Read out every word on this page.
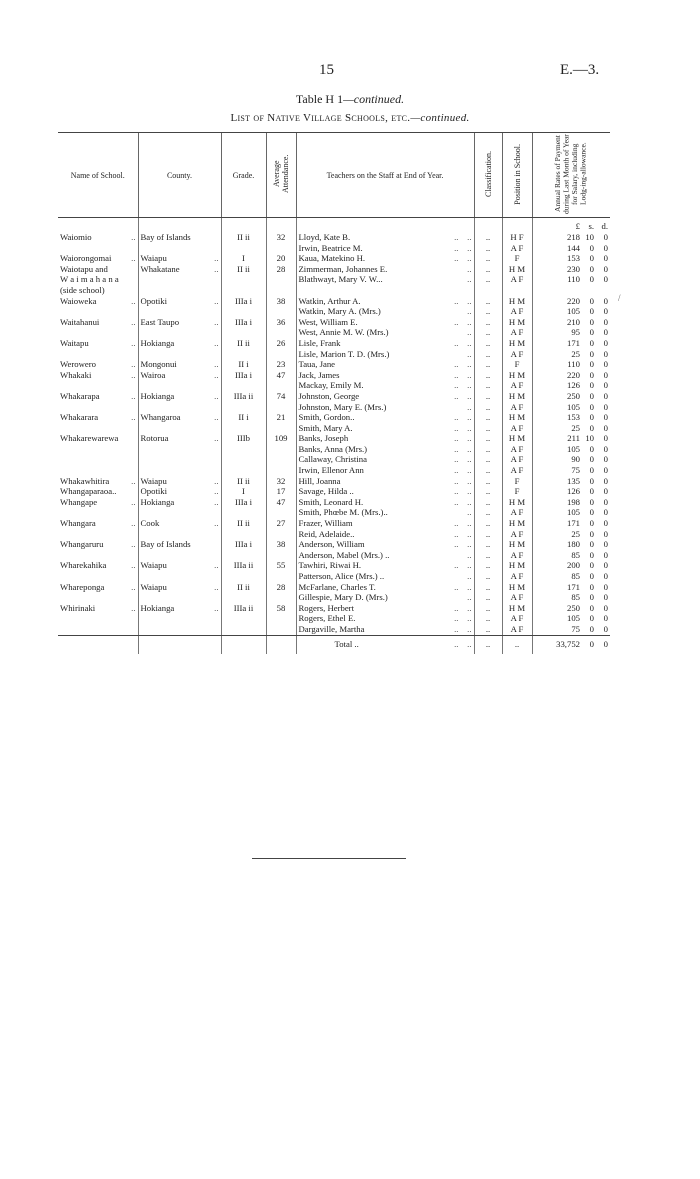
15	E.—3.
Table H 1—continued.
List of Native Village Schools, etc.—continued.
Name of School.	County.	Grade.	Average Attendance.	Teachers on the Staff at End of Year.	Classification.	Position in School.	Annual Rates of Payment during Last Month of Year for Salary, including Lodg-ing-allowance.
							£ s. d.
Waiomio ..	Bay of Islands	II ii	32	Lloyd, Kate B. ..    ..	..	H F	218 10 0
				Irwin, Beatrice M. ..    ..	..	A F	144 0 0
Waiorongomai ..	Waiapu ..	I	20	Kaua, Matekino H. ..    ..	..	F	153 0 0
Waiotapu and	Whakatane ..	II ii	28	Zimmerman, Johannes E. ..	..	H M	230 0 0
W a i m a h a n a				Blathwayt, Mary V. W... ..	..	A F	110 0 0
(side school)							
Waioweka ..	Opotiki ..	IIIa i	38	Watkin, Arthur A. ..    ..	..	H M	220 0 0
				Watkin, Mary A. (Mrs.) ..	..	A F	105 0 0
Waitahanui ..	East Taupo ..	IIIa i	36	West, William E. ..    ..	..	H M	210 0 0
				West, Annie M. W. (Mrs.) ..	..	A F	95 0 0
Waitapu ..	Hokianga ..	II ii	26	Lisle, Frank ..    ..	..	H M	171 0 0
				Lisle, Marion T. D. (Mrs.) ..	..	A F	25 0 0
Werowero ..	Mongonui ..	II i	23	Taua, Jane ..    ..	..	F	110 0 0
Whakaki ..	Wairoa ..	IIIa i	47	Jack, James ..    ..	..	H M	220 0 0
				Mackay, Emily M. ..    ..	..	A F	126 0 0
Whakarapa ..	Hokianga ..	IIIa ii	74	Johnston, George ..    ..	..	H M	250 0 0
				Johnston, Mary E. (Mrs.) ..	..	A F	105 0 0
Whakarara ..	Whangaroa ..	II i	21	Smith, Gordon.. ..    ..	..	H M	153 0 0
				Smith, Mary A. ..    ..	..	A F	25 0 0
Whakarewarewa	Rotorua ..	IIIb	109	Banks, Joseph ..    ..	..	H M	211 10 0
				Banks, Anna (Mrs.) ..    ..	..	A F	105 0 0
				Callaway, Christina ..    ..	..	A F	90 0 0
				Irwin, Ellenor Ann ..    ..	..	A F	75 0 0
Whakawhitira ..	Waiapu ..	II ii	32	Hill, Joanna ..    ..	..	F	135 0 0
Whangaparaoa..	Opotiki ..	I	17	Savage, Hilda .. ..    ..	..	F	126 0 0
Whangape ..	Hokianga ..	IIIa i	47	Smith, Leonard H. ..    ..	..	H M	198 0 0
				Smith, Phœbe M. (Mrs.).. ..	..	A F	105 0 0
Whangara ..	Cook ..	II ii	27	Frazer, William ..    ..	..	H M	171 0 0
				Reid, Adelaide.. ..    ..	..	A F	25 0 0
Whangaruru ..	Bay of Islands	IIIa i	38	Anderson, William ..    ..	..	H M	180 0 0
				Anderson, Mabel (Mrs.) .. ..	..	A F	85 0 0
Wharekahika ..	Waiapu ..	IIIa ii	55	Tawhiri, Riwai H. ..    ..	..	H M	200 0 0
				Patterson, Alice (Mrs.) .. ..	..	A F	85 0 0
Whareponga ..	Waiapu ..	II ii	28	McFarlane, Charles T. ..    ..	..	H M	171 0 0
				Gillespie, Mary D. (Mrs.) ..	..	A F	85 0 0
Whirinaki ..	Hokianga ..	IIIa ii	58	Rogers, Herbert ..    ..	..	H M	250 0 0
				Rogers, Ethel E. ..    ..	..	A F	105 0 0
				Dargaville, Martha ..    ..	..	A F	75 0 0
				Total .. ..    ..	..	..	33,752 0 0
/
